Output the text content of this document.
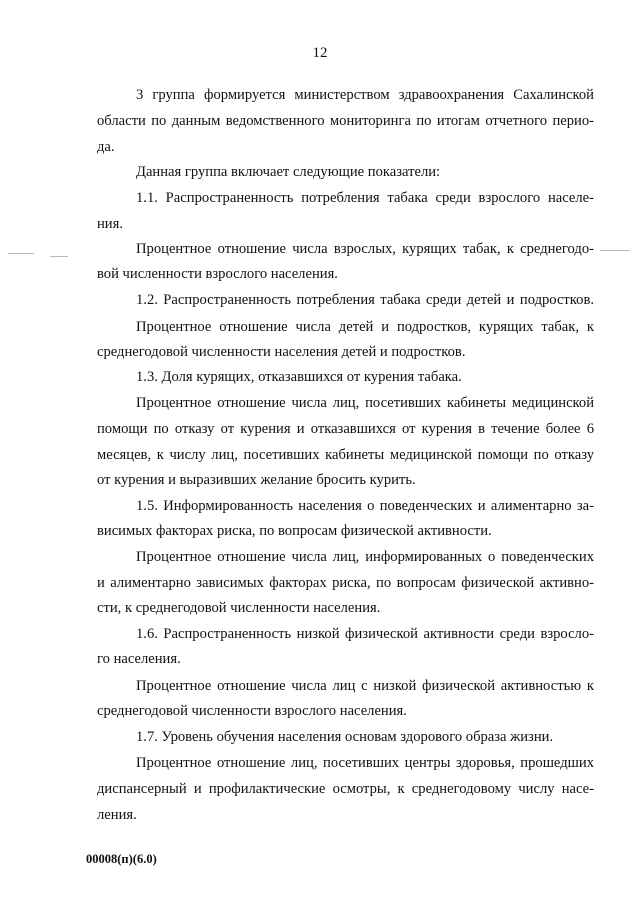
12
3 группа формируется министерством здравоохранения Сахалинской
области по данным ведомственного мониторинга по итогам отчетного перио-
да.
Данная группа включает следующие показатели:
1.1. Распространенность потребления табака среди взрослого населе-
ния.
Процентное отношение числа взрослых, курящих табак, к среднегодо-
вой численности взрослого населения.
1.2. Распространенность потребления табака среди детей и подростков.
Процентное отношение числа детей и подростков, курящих табак, к
среднегодовой численности населения детей и подростков.
1.3. Доля курящих, отказавшихся от курения табака.
Процентное отношение числа лиц, посетивших кабинеты медицинской
помощи по отказу от курения и отказавшихся от курения в течение более 6
месяцев, к числу лиц, посетивших кабинеты медицинской помощи по отказу
от курения и выразивших желание бросить курить.
1.5. Информированность населения о поведенческих и алиментарно за-
висимых факторах риска, по вопросам физической активности.
Процентное отношение числа лиц, информированных о поведенческих
и алиментарно зависимых факторах риска, по вопросам физической активно-
сти, к среднегодовой численности населения.
1.6. Распространенность низкой физической активности среди взросло-
го населения.
Процентное отношение числа лиц с низкой физической активностью к
среднегодовой численности взрослого населения.
1.7. Уровень обучения населения основам здорового образа жизни.
Процентное отношение лиц, посетивших центры здоровья, прошедших
диспансерный и профилактические осмотры, к среднегодовому числу насе-
ления.
00008(п)(6.0)
